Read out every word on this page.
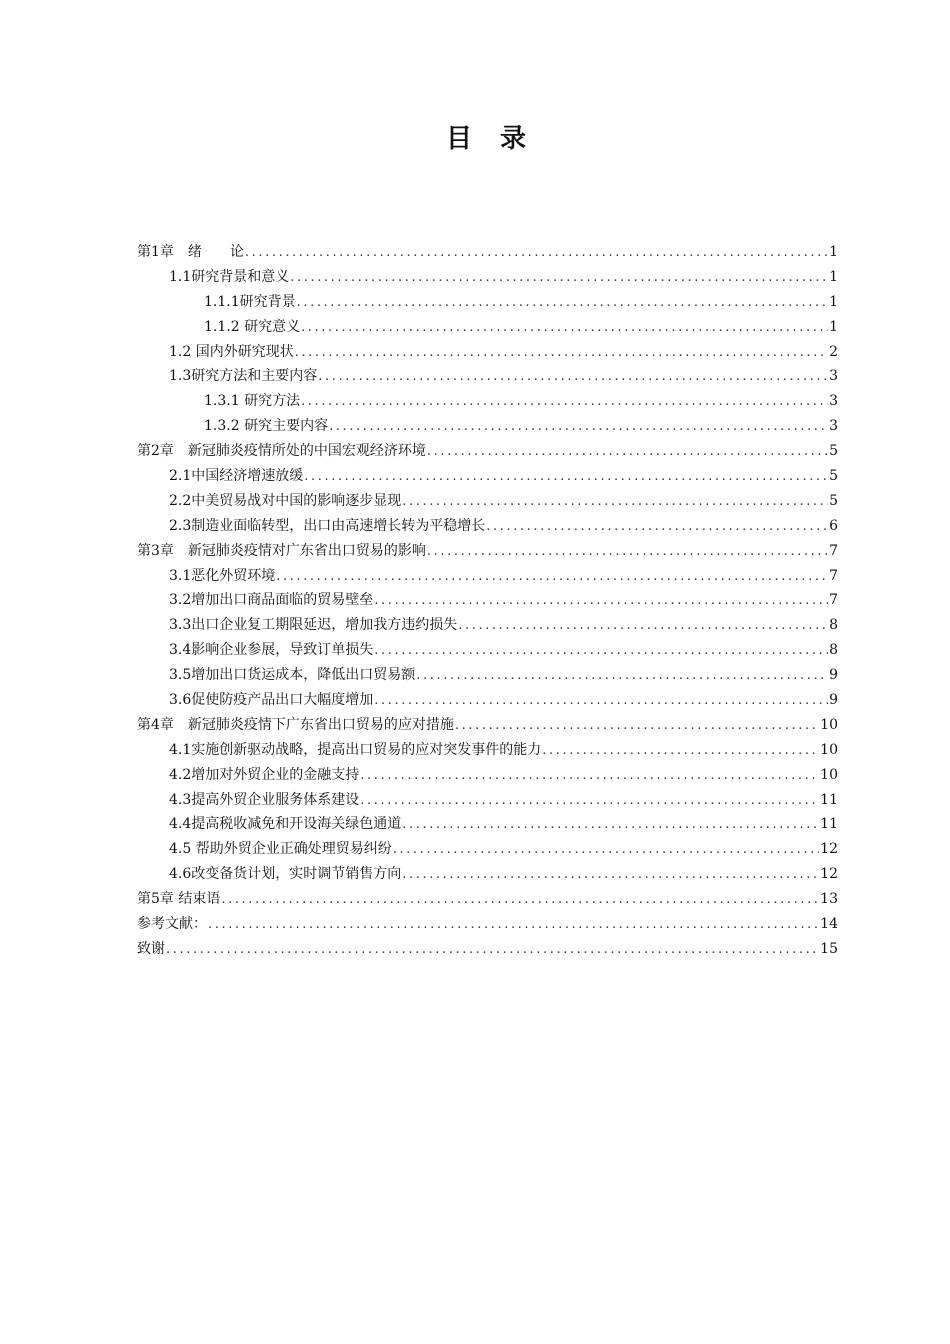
目 录
第1章　绪　　论 .....	1
1.1研究背景和意义 .....	1
1.1.1研究背景 .....	1
1.1.2 研究意义 .....	1
1.2 国内外研究现状 .....	2
1.3研究方法和主要内容 .....	3
1.3.1 研究方法 .....	3
1.3.2 研究主要内容 .....	3
第2章　新冠肺炎疫情所处的中国宏观经济环境 .....	5
2.1中国经济增速放缓 .....	5
2.2中美贸易战对中国的影响逐步显现 .....	5
2.3制造业面临转型，出口由高速增长转为平稳增长 .....	6
第3章　新冠肺炎疫情对广东省出口贸易的影响 .....	7
3.1恶化外贸环境 .....	7
3.2增加出口商品面临的贸易壁垒 .....	7
3.3出口企业复工期限延迟，增加我方违约损失 .....	8
3.4影响企业参展，导致订单损失 .....	8
3.5增加出口货运成本，降低出口贸易额 .....	9
3.6促使防疫产品出口大幅度增加 .....	9
第4章　新冠肺炎疫情下广东省出口贸易的应对措施 .....	10
4.1实施创新驱动战略，提高出口贸易的应对突发事件的能力 .....	10
4.2增加对外贸企业的金融支持 .....	10
4.3提高外贸企业服务体系建设 .....	11
4.4提高税收减免和开设海关绿色通道 .....	11
4.5 帮助外贸企业正确处理贸易纠纷 .....	12
4.6改变备货计划，实时调节销售方向 .....	12
第5章 结束语 .....	13
参考文献： .....	14
致谢 .....	15
